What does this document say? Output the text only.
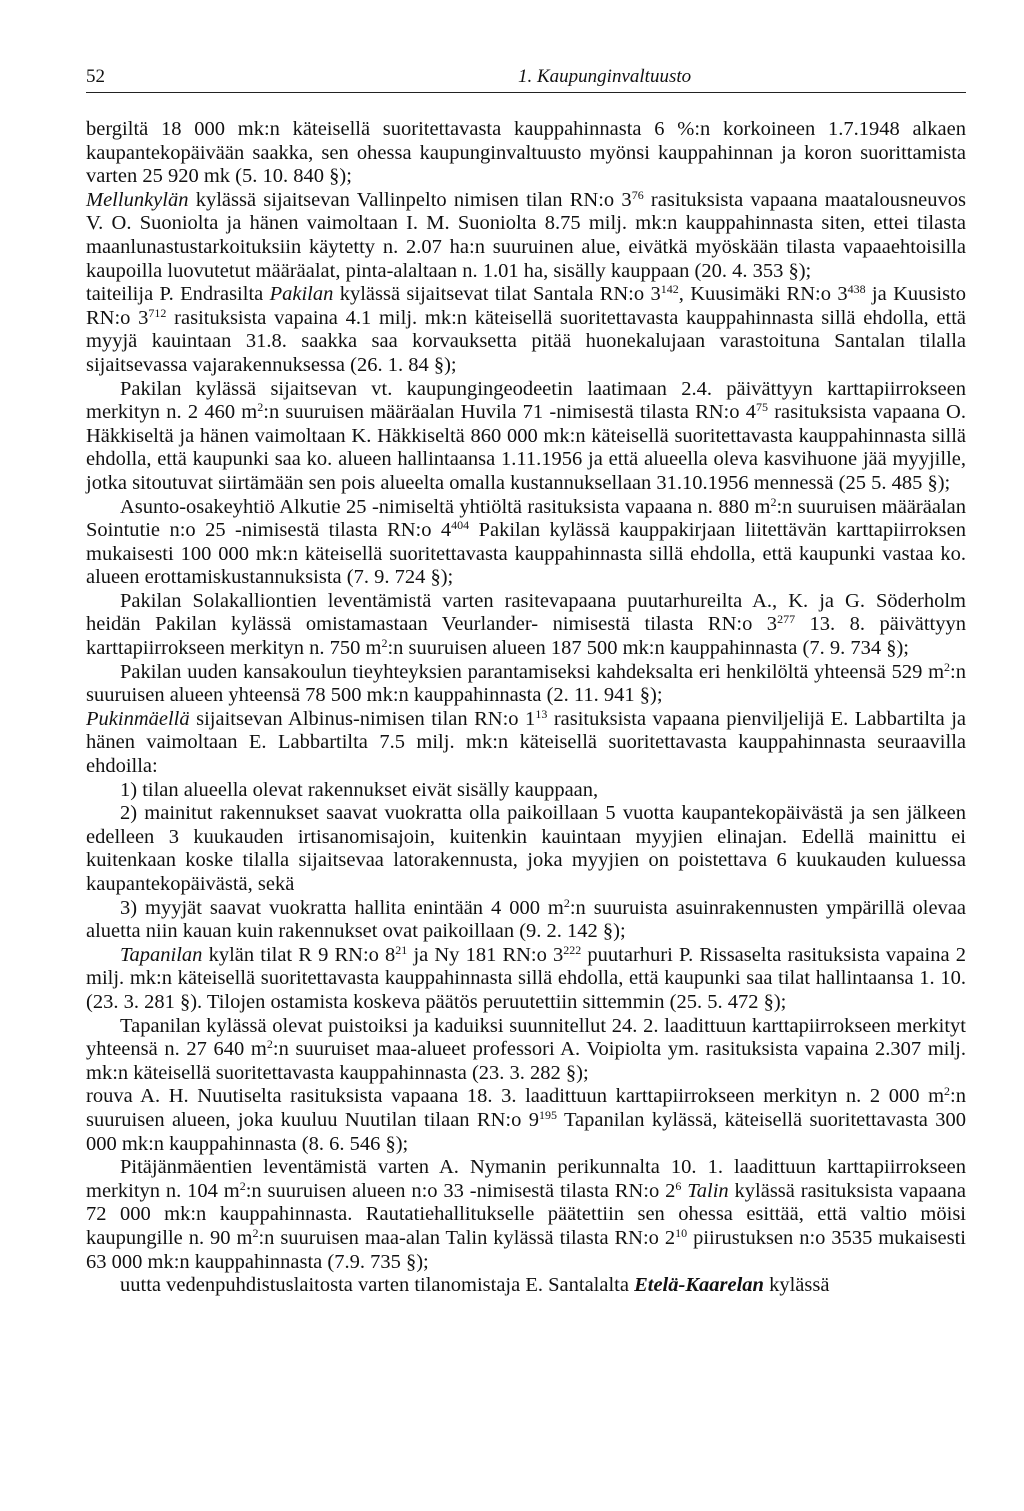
52	1. Kaupunginvaltuusto

bergiltä 18 000 mk:n käteisellä suoritettavasta kauppahinnasta 6 %:n korkoineen 1.7.1948 alkaen kaupantekopäivään saakka, sen ohessa kaupunginvaltuusto myönsi kauppahinnan ja koron suorittamista varten 25 920 mk (5. 10. 840 §);

Mellunkylän kylässä sijaitsevan Vallinpelto nimisen tilan RN:o $3^{76}$ rasituksista vapaana maatalousneuvos V. O. Suoniolta ja hänen vaimoltaan I. M. Suoniolta 8.75 milj. mk:n kauppahinnasta siten, ettei tilasta maanlunastustarkoituksiin käytetty n. 2.07 ha:n suuruinen alue, eivätkä myöskään tilasta vapaaehtoisilla kaupoilla luovutetut määräalat, pinta-alaltaan n. 1.01 ha, sisälly kauppaan (20. 4. 353 §);

taiteilija P. Endrasilta Pakilan kylässä sijaitsevat tilat Santala RN:o $3^{142}$, Kuusimäki RN:o $3^{438}$ ja Kuusisto RN:o $3^{712}$ rasituksista vapaina 4.1 milj. mk:n käteisellä suoritettavasta kauppahinnasta sillä ehdolla, että myyjä kauintaan 31.8. saakka saa korvauksetta pitää huonekalujaan varastoituna Santalan tilalla sijaitsevassa vajarakennuksessa (26. 1. 84 §);

Pakilan kylässä sijaitsevan vt. kaupungingeodeetin laatimaan 2.4. päivättyyn karttapiirrokseen merkityn n. 2 460 $m^2:n$ suuruisen määräalan Huvila 71 -nimisestä tilasta RN:o $4^{75}$ rasituksista vapaana O. Häkkiseltä ja hänen vaimoltaan K. Häkkiseltä 860 000 mk:n käteisellä suoritettavasta kauppahinnasta sillä ehdolla, että kaupunki saa ko. alueen hallintaansa 1.11.1956 ja että alueella oleva kasvihuone jää myyjille, jotka sitoutuvat siirtämään sen pois alueelta omalla kustannuksellaan 31.10.1956 mennessä (25 5. 485 §);

Asunto-osakeyhtiö Alkutie 25 -nimiseltä yhtiöltä rasituksista vapaana n. 880 $m^2:n$ suuruisen määräalan Sointutie n:o 25 -nimisestä tilasta RN:o $4^{404}$ Pakilan kylässä kauppakirjaan liitettävän karttapiirroksen mukaisesti 100 000 mk:n käteisellä suoritettavasta kauppahinnasta sillä ehdolla, että kaupunki vastaa ko. alueen erottamiskustannuksista (7. 9. 724 §);

Pakilan Solakalliontien leventämistä varten rasitevapaana puutarhureilta A., K. ja G. Söderholm heidän Pakilan kylässä omistamastaan Veurlander- nimisestä tilasta RN:o $3^{277}$ 13. 8. päivättyyn karttapiirrokseen merkityn n. 750 $m^2:n$ suuruisen alueen 187 500 mk:n kauppahinnasta (7. 9. 734 §);

Pakilan uuden kansakoulun tieyhteyksien parantamiseksi kahdeksalta eri henkilöltä yhteensä 529 $m^2:n$ suuruisen alueen yhteensä 78 500 mk:n kauppahinnasta (2. 11. 941 §);

Pukinmäellä sijaitsevan Albinus-nimisen tilan RN:o $1^{13}$ rasituksista vapaana pienviljelijä E. Labbartilta ja hänen vaimoltaan E. Labbartilta 7.5 milj. mk:n käteisellä suoritettavasta kauppahinnasta seuraavilla ehdoilla:

1) tilan alueella olevat rakennukset eivät sisälly kauppaan,

2) mainitut rakennukset saavat vuokratta olla paikoillaan 5 vuotta kaupantekopäivästä ja sen jälkeen edelleen 3 kuukauden irtisanomisajoin, kuitenkin kauintaan myyjien elinajan. Edellä mainittu ei kuitenkaan koske tilalla sijaitsevaa latorakennusta, joka myyjien on poistettava 6 kuukauden kuluessa kaupantekopäivästä, sekä

3) myyjät saavat vuokratta hallita enintään 4 000 $m^2:n$ suuruista asuinrakennusten ympärillä olevaa aluetta niin kauan kuin rakennukset ovat paikoillaan (9. 2. 142 §);

Tapanilan kylän tilat R 9 RN:o $8^{21}$ ja Ny 181 RN:o $3^{222}$ puutarhuri P. Rissaselta rasituksista vapaina 2 milj. mk:n käteisellä suoritettavasta kauppahinnasta sillä ehdolla, että kaupunki saa tilat hallintaansa 1. 10. (23. 3. 281 §). Tilojen ostamista koskeva päätös peruutettiin sittemmin (25. 5. 472 §);

Tapanilan kylässä olevat puistoiksi ja kaduiksi suunnitellut 24. 2. laadittuun karttapiirrokseen merkityt yhteensä n. 27 640 $m^2:n$ suuruiset maa-alueet professori A. Voipiolta ym. rasituksista vapaina 2.307 milj. mk:n käteisellä suoritettavasta kauppahinnasta (23. 3. 282 §);

rouva A. H. Nuutiselta rasituksista vapaana 18. 3. laadittuun karttapiirrokseen merkityn n. 2 000 $m^2:n$ suuruisen alueen, joka kuuluu Nuutilan tilaan RN:o $9^{195}$ Tapanilan kylässä, käteisellä suoritettavasta 300 000 mk:n kauppahinnasta (8. 6. 546 §);

Pitäjänmäentien leventämistä varten A. Nymanin perikunnalta 10. 1. laadittuun karttapiirrokseen merkityn n. 104 $m^2:n$ suuruisen alueen n:o 33 -nimisestä tilasta RN:o $2^6$ Talin kylässä rasituksista vapaana 72 000 mk:n kauppahinnasta. Rautatiehallitukselle päätettiin sen ohessa esittää, että valtio möisi kaupungille n. 90 $m^2:n$ suuruisen maa-alan Talin kylässä tilasta RN:o $2^{10}$ piirustuksen n:o 3535 mukaisesti 63 000 mk:n kauppahinnasta (7.9. 735 §);

uutta vedenpuhdistuslaitosta varten tilanomistaja E. Santalalta Etelä-Kaarelan kylässä
